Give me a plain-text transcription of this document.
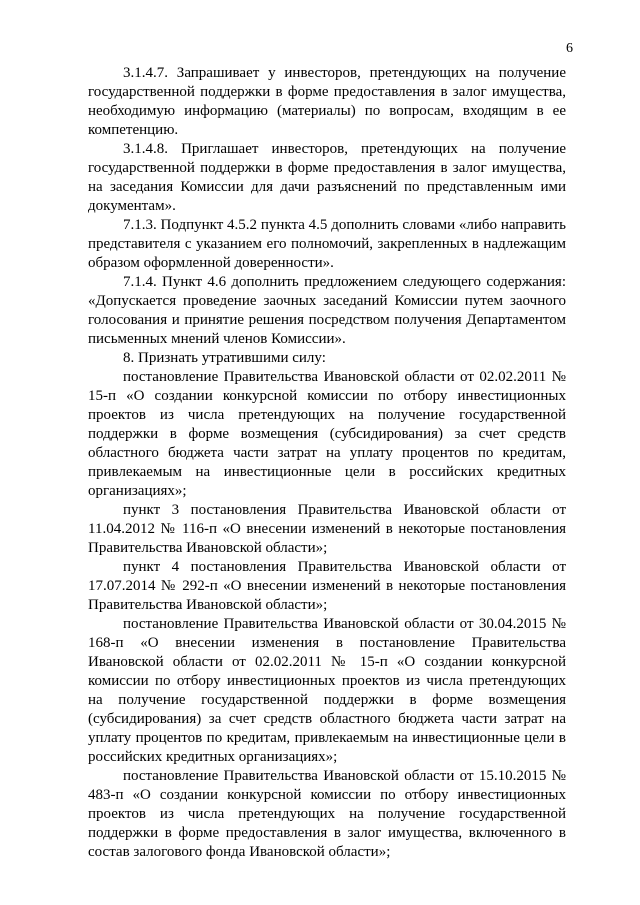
6

3.1.4.7. Запрашивает у инвесторов, претендующих на получение государственной поддержки в форме предоставления в залог имущества, необходимую информацию (материалы) по вопросам, входящим в ее компетенцию.

3.1.4.8. Приглашает инвесторов, претендующих на получение государственной поддержки в форме предоставления в залог имущества, на заседания Комиссии для дачи разъяснений по представленным ими документам».

7.1.3. Подпункт 4.5.2 пункта 4.5 дополнить словами «либо направить представителя с указанием его полномочий, закрепленных в надлежащим образом оформленной доверенности».

7.1.4. Пункт 4.6 дополнить предложением следующего содержания: «Допускается проведение заочных заседаний Комиссии путем заочного голосования и принятие решения посредством получения Департаментом письменных мнений членов Комиссии».

8. Признать утратившими силу:

постановление Правительства Ивановской области от 02.02.2011 № 15-п «О создании конкурсной комиссии по отбору инвестиционных проектов из числа претендующих на получение государственной поддержки в форме возмещения (субсидирования) за счет средств областного бюджета части затрат на уплату процентов по кредитам, привлекаемым на инвестиционные цели в российских кредитных организациях»;

пункт 3 постановления Правительства Ивановской области от 11.04.2012 № 116-п «О внесении изменений в некоторые постановления Правительства Ивановской области»;

пункт 4 постановления Правительства Ивановской области от 17.07.2014 № 292-п «О внесении изменений в некоторые постановления Правительства Ивановской области»;

постановление Правительства Ивановской области от 30.04.2015 № 168-п «О внесении изменения в постановление Правительства Ивановской области от 02.02.2011 № 15-п «О создании конкурсной комиссии по отбору инвестиционных проектов из числа претендующих на получение государственной поддержки в форме возмещения (субсидирования) за счет средств областного бюджета части затрат на уплату процентов по кредитам, привлекаемым на инвестиционные цели в российских кредитных организациях»;

постановление Правительства Ивановской области от 15.10.2015 № 483-п «О создании конкурсной комиссии по отбору инвестиционных проектов из числа претендующих на получение государственной поддержки в форме предоставления в залог имущества, включенного в состав залогового фонда Ивановской области»;
